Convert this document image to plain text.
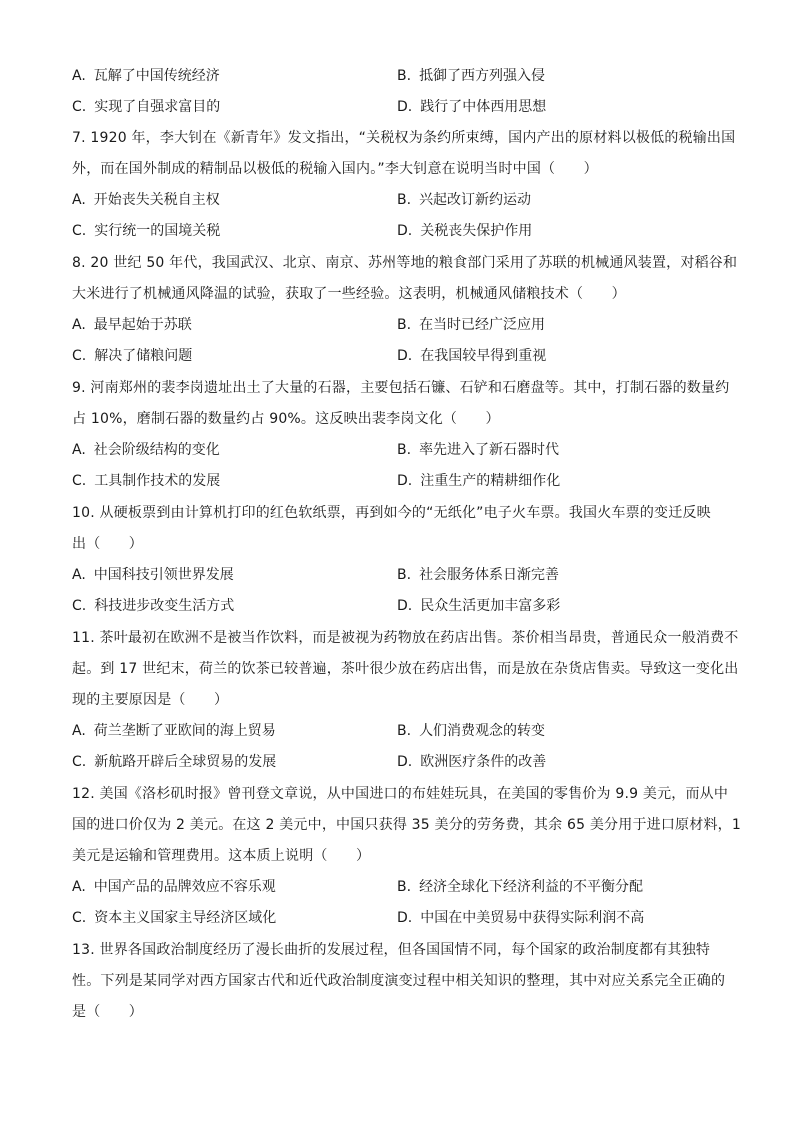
A. 瓦解了中国传统经济	B. 抵御了西方列强入侵
C. 实现了自强求富目的	D. 践行了中体西用思想
7. 1920 年，李大钊在《新青年》发文指出，“关税权为条约所束缚，国内产出的原材料以极低的税输出国
外，而在国外制成的精制品以极低的税输入国内。”李大钊意在说明当时中国（　　）
A. 开始丧失关税自主权	B. 兴起改订新约运动
C. 实行统一的国境关税	D. 关税丧失保护作用
8. 20 世纪 50 年代，我国武汉、北京、南京、苏州等地的粮食部门采用了苏联的机械通风装置，对稻谷和
大米进行了机械通风降温的试验，获取了一些经验。这表明，机械通风储粮技术（　　）
A. 最早起始于苏联	B. 在当时已经广泛应用
C. 解决了储粮问题	D. 在我国较早得到重视
9. 河南郑州的裴李岗遗址出土了大量的石器，主要包括石镰、石铲和石磨盘等。其中，打制石器的数量约
占 10%，磨制石器的数量约占 90%。这反映出裴李岗文化（　　）
A. 社会阶级结构的变化	B. 率先进入了新石器时代
C. 工具制作技术的发展	D. 注重生产的精耕细作化
10. 从硬板票到由计算机打印的红色软纸票，再到如今的“无纸化”电子火车票。我国火车票的变迁反映
出（　　）
A. 中国科技引领世界发展	B. 社会服务体系日渐完善
C. 科技进步改变生活方式	D. 民众生活更加丰富多彩
11. 茶叶最初在欧洲不是被当作饮料，而是被视为药物放在药店出售。茶价相当昂贵，普通民众一般消费不
起。到 17 世纪末，荷兰的饮茶已较普遍，茶叶很少放在药店出售，而是放在杂货店售卖。导致这一变化出
现的主要原因是（　　）
A. 荷兰垄断了亚欧间的海上贸易	B. 人们消费观念的转变
C. 新航路开辟后全球贸易的发展	D. 欧洲医疗条件的改善
12. 美国《洛杉矶时报》曾刊登文章说，从中国进口的布娃娃玩具，在美国的零售价为 9.9 美元，而从中
国的进口价仅为 2 美元。在这 2 美元中，中国只获得 35 美分的劳务费，其余 65 美分用于进口原材料，1
美元是运输和管理费用。这本质上说明（　　）
A. 中国产品的品牌效应不容乐观	B. 经济全球化下经济利益的不平衡分配
C. 资本主义国家主导经济区域化	D. 中国在中美贸易中获得实际利润不高
13. 世界各国政治制度经历了漫长曲折的发展过程，但各国国情不同，每个国家的政治制度都有其独特
性。下列是某同学对西方国家古代和近代政治制度演变过程中相关知识的整理，其中对应关系完全正确的
是（　　）
